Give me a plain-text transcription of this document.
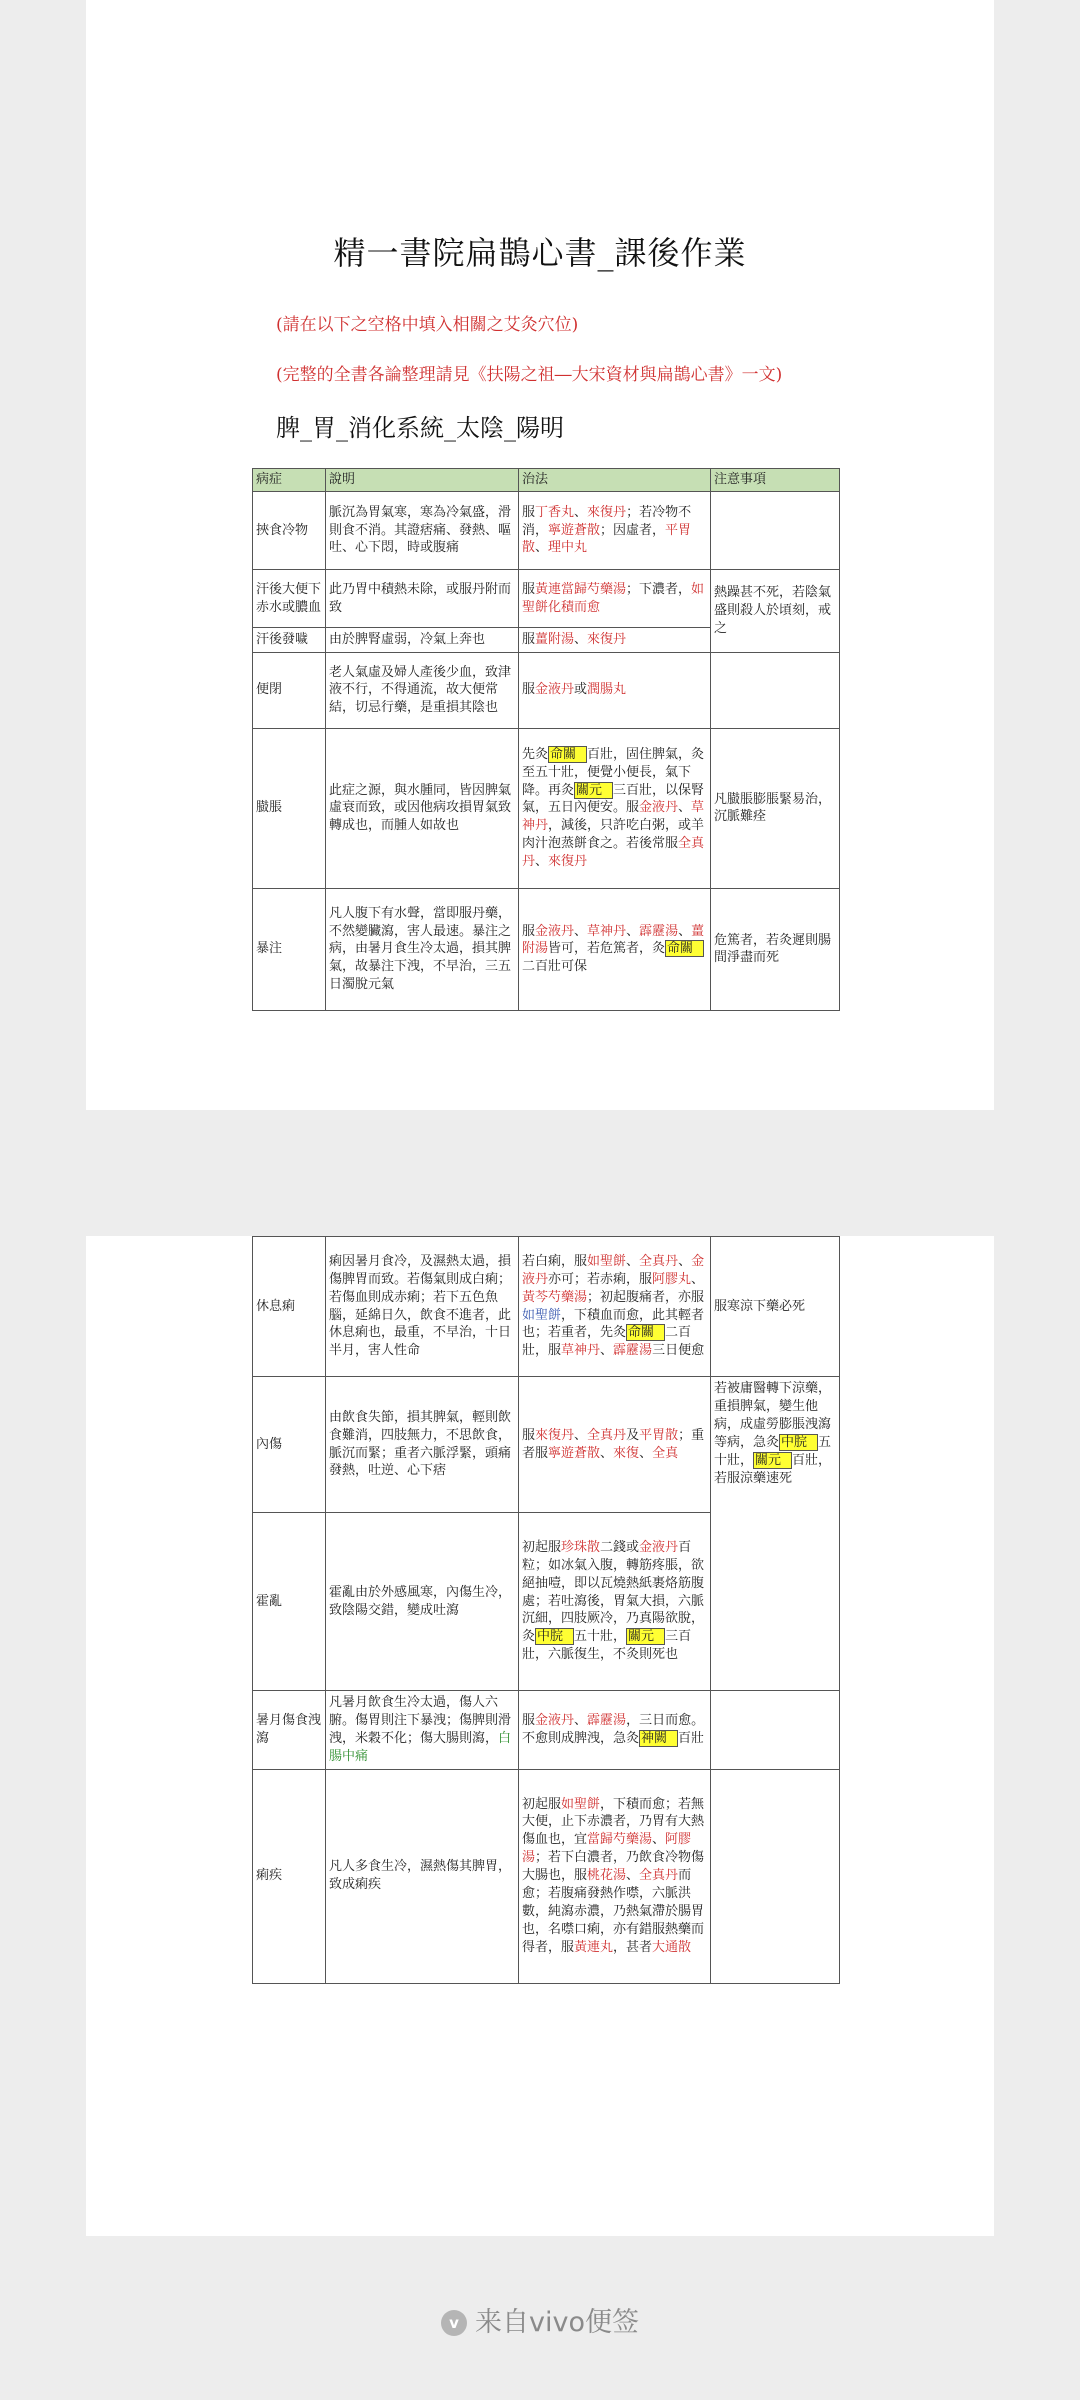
精一書院扁鵲心書_課後作業
(請在以下之空格中填入相關之艾灸穴位)
(完整的全書各論整理請見《扶陽之祖―大宋資材與扁鵲心書》一文)
脾_胃_消化系統_太陰_陽明
病症	說明	治法	注意事項
挾食冷物	脈沉為胃氣寒，寒為冷氣盛，滑則食不消。其證痞痛、發熱、嘔吐、心下悶，時或腹痛	服丁香丸、來復丹；若冷物不消，寧遊蒼散；因虛者，平胃散、理中丸	
汗後大便下赤水或膿血	此乃胃中積熱未除，或服丹附而致	服黃連當歸芍藥湯；下濃者，如聖餅化積而愈	熱躁甚不死，若陰氣盛則殺人於頃刻，戒之
汗後發噦	由於脾腎虛弱，冷氣上奔也	服薑附湯、來復丹	
便閉	老人氣虛及婦人產後少血，致津液不行，不得通流，故大便常結，切忌行藥，是重損其陰也	服金液丹或潤腸丸	
臌脹	此症之源，與水腫同，皆因脾氣虛衰而致，或因他病攻損胃氣致轉成也，而腫人如故也	先灸 命關 百壯，固住脾氣，灸至五十壯，便覺小便長，氣下降。再灸 關元 三百壯，以保腎氣，五日內便安。服金液丹、草神丹，減後，只許吃白粥，或羊肉汁泡蒸餅食之。若後常服全真丹、來復丹	凡臌脹膨脹緊易治，沉脈難痊
暴注	凡人腹下有水聲，當即服丹藥，不然變臟瀉，害人最速。暴注之病，由暑月食生冷太過，損其脾氣，故暴注下洩，不早治，三五日濁脫元氣	服金液丹、草神丹、霹靂湯、薑附湯皆可，若危篤者，灸 命關二百壯可保	危篤者，若灸遲則腸間淨盡而死
休息痢	痢因暑月食冷，及濕熱太過，損傷脾胃而致。若傷氣則成白痢；若傷血則成赤痢；若下五色魚腦，延綿日久，飲食不進者，此休息痢也，最重，不早治，十日半月，害人性命	若白痢，服如聖餅、全真丹、金液丹亦可；若赤痢，服阿膠丸、黃芩芍藥湯；初起腹痛者，亦服如聖餅，下積血而愈，此其輕者也；若重者，先灸 命關 二百壯，服草神丹、霹靂湯三日便愈	服寒涼下藥必死
內傷	由飲食失節，損其脾氣，輕則飲食難消，四肢無力，不思飲食，脈沉而緊；重者六脈浮緊，頭痛發熱，吐逆、心下痞	服來復丹、全真丹及平胃散；重者服寧遊蒼散、來復、全真	若被庸醫轉下涼藥，重損脾氣，變生他病，成虛勞膨脹洩瀉等病，急灸 中脘 五十壯， 關元 百壯，若服涼藥速死
霍亂	霍亂由於外感風寒，內傷生冷，致陰陽交錯，變成吐瀉	初起服珍珠散二錢或金液丹百粒；如冰氣入腹，轉筋疼脹，欲絕抽噎，即以瓦燒熱紙裹烙筋腹處；若吐瀉後，胃氣大損，六脈沉細，四肢厥冷，乃真陽欲脫，灸 中脘 五十壯， 關元 三百壯，六脈復生，不灸則死也	
暑月傷食洩瀉	凡暑月飲食生冷太過，傷人六腑。傷胃則注下暴洩；傷脾則滑洩，米穀不化；傷大腸則瀉，白腸中痛	服金液丹、霹靂湯，三日而愈。不愈則成脾洩，急灸 神闕 百壯	
痢疾	凡人多食生冷，濕熱傷其脾胃，致成痢疾	初起服如聖餅，下積而愈；若無大便，止下赤濃者，乃胃有大熱傷血也，宜當歸芍藥湯、阿膠湯；若下白濃者，乃飲食冷物傷大腸也，服桃花湯、全真丹而愈；若腹痛發熱作噤，六脈洪數，純瀉赤濃，乃熱氣滯於腸胃也，名噤口痢，亦有錯服熱藥而得者，服黃連丸，甚者大通散	
v 来自vivo便签
